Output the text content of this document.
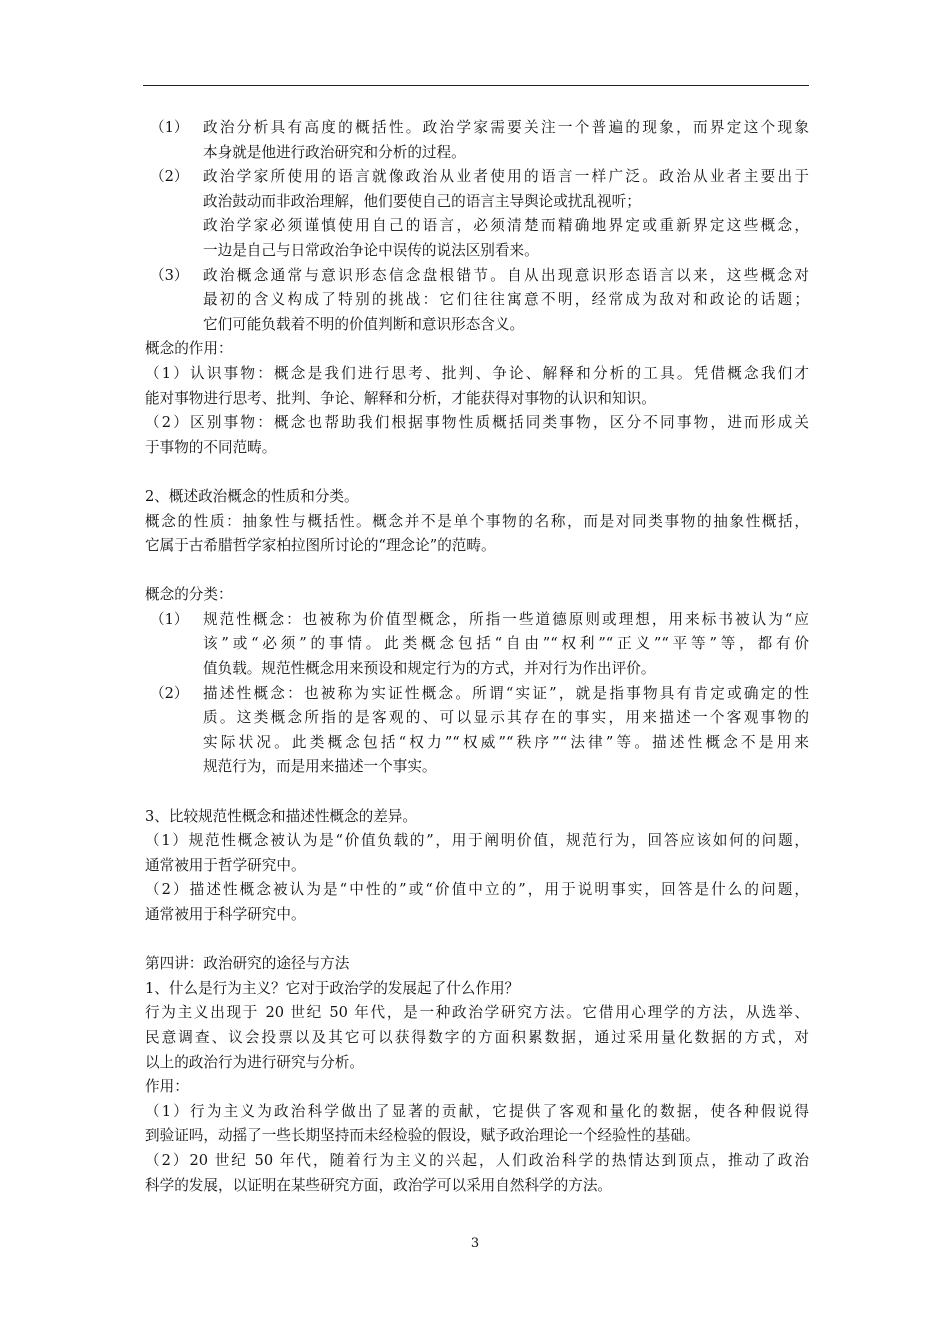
（1） 政治分析具有高度的概括性。政治学家需要关注一个普遍的现象，而界定这个现象
本身就是他进行政治研究和分析的过程。
（2） 政治学家所使用的语言就像政治从业者使用的语言一样广泛。政治从业者主要出于
政治鼓动而非政治理解，他们要使自己的语言主导舆论或扰乱视听；
政治学家必须谨慎使用自己的语言，必须清楚而精确地界定或重新界定这些概念，
一边是自己与日常政治争论中误传的说法区别看来。
（3） 政治概念通常与意识形态信念盘根错节。自从出现意识形态语言以来，这些概念对
最初的含义构成了特别的挑战：它们往往寓意不明，经常成为敌对和政论的话题；
它们可能负载着不明的价值判断和意识形态含义。
概念的作用：
（1）认识事物：概念是我们进行思考、批判、争论、解释和分析的工具。凭借概念我们才
能对事物进行思考、批判、争论、解释和分析，才能获得对事物的认识和知识。
（2）区别事物：概念也帮助我们根据事物性质概括同类事物，区分不同事物，进而形成关
于事物的不同范畴。
2、概述政治概念的性质和分类。
概念的性质：抽象性与概括性。概念并不是单个事物的名称，而是对同类事物的抽象性概括，
它属于古希腊哲学家柏拉图所讨论的“理念论”的范畴。
概念的分类：
（1） 规范性概念：也被称为价值型概念，所指一些道德原则或理想，用来标书被认为“应
该”或“必须”的事情。此类概念包括“自由”“权利”“正义”“平等”等，都有价
值负载。规范性概念用来预设和规定行为的方式，并对行为作出评价。
（2） 描述性概念：也被称为实证性概念。所谓“实证”，就是指事物具有肯定或确定的性
质。这类概念所指的是客观的、可以显示其存在的事实，用来描述一个客观事物的
实际状况。此类概念包括“权力”“权威”“秩序”“法律”等。描述性概念不是用来
规范行为，而是用来描述一个事实。
3、比较规范性概念和描述性概念的差异。
（1）规范性概念被认为是“价值负载的”，用于阐明价值，规范行为，回答应该如何的问题，
通常被用于哲学研究中。
（2）描述性概念被认为是“中性的”或“价值中立的”，用于说明事实，回答是什么的问题，
通常被用于科学研究中。
第四讲：政治研究的途径与方法
1、什么是行为主义？它对于政治学的发展起了什么作用？
行为主义出现于 20 世纪 50 年代，是一种政治学研究方法。它借用心理学的方法，从选举、
民意调查、议会投票以及其它可以获得数字的方面积累数据，通过采用量化数据的方式，对
以上的政治行为进行研究与分析。
作用：
（1）行为主义为政治科学做出了显著的贡献，它提供了客观和量化的数据，使各种假说得
到验证吗，动摇了一些长期坚持而未经检验的假设，赋予政治理论一个经验性的基础。
（2）20 世纪 50 年代，随着行为主义的兴起，人们政治科学的热情达到顶点，推动了政治
科学的发展，以证明在某些研究方面，政治学可以采用自然科学的方法。
3
